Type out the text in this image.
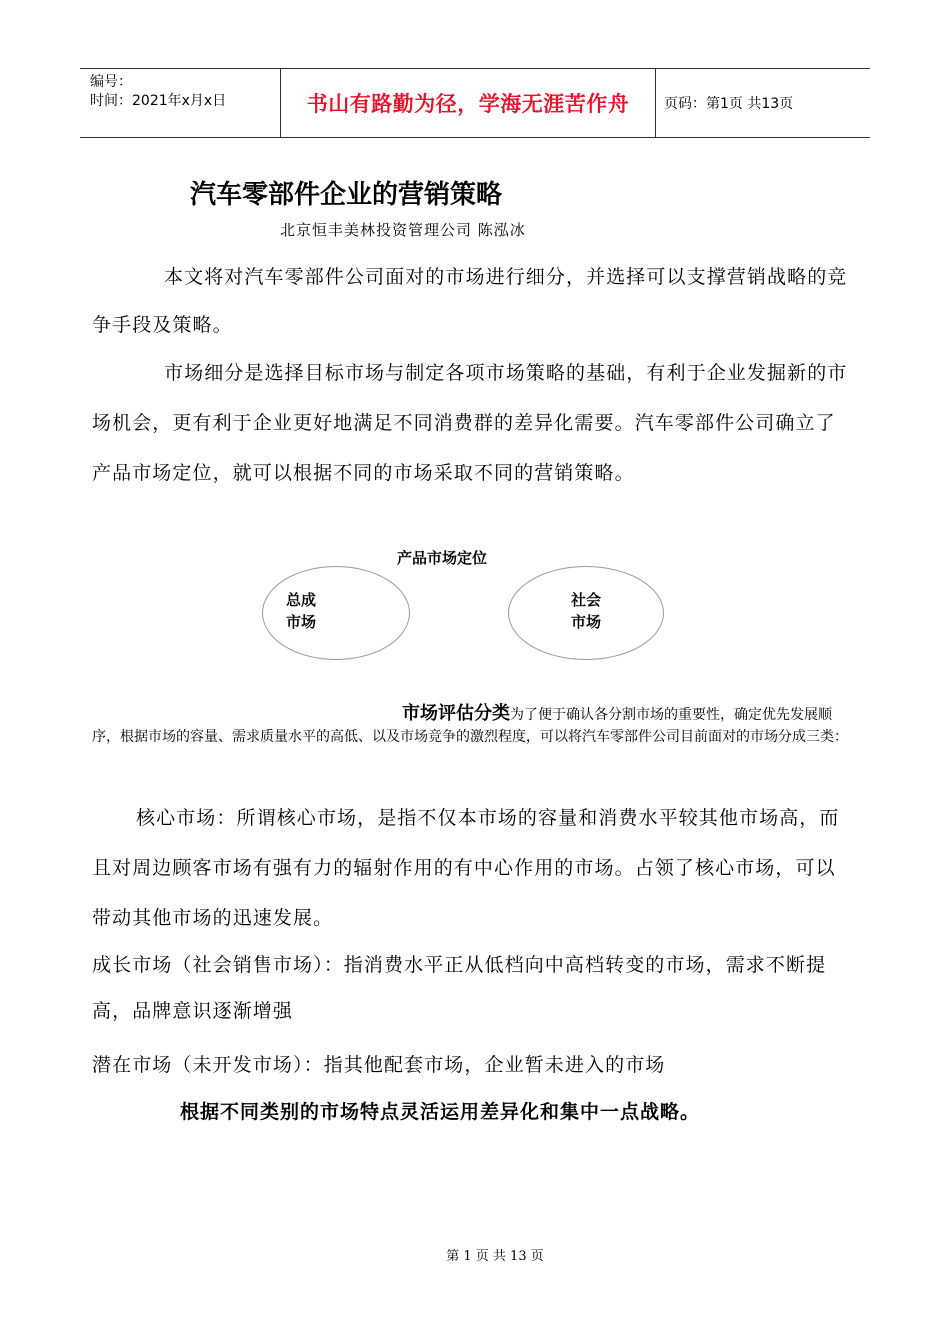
编号：
时间：2021年x月x日	书山有路勤为径，学海无涯苦作舟 页码：第1页 共13页
汽车零部件企业的营销策略
北京恒丰美林投资管理公司 陈泓冰
本文将对汽车零部件公司面对的市场进行细分，并选择可以支撑营销战略的竞争手段及策略。
市场细分是选择目标市场与制定各项市场策略的基础，有利于企业发掘新的市场机会，更有利于企业更好地满足不同消费群的差异化需要。汽车零部件公司确立了产品市场定位，就可以根据不同的市场采取不同的营销策略。
产品市场定位
总成市场
社会市场
市场评估分类为了便于确认各分割市场的重要性，确定优先发展顺序，根据市场的容量、需求质量水平的高低、以及市场竞争的激烈程度，可以将汽车零部件公司目前面对的市场分成三类：
核心市场：所谓核心市场，是指不仅本市场的容量和消费水平较其他市场高，而且对周边顾客市场有强有力的辐射作用的有中心作用的市场。占领了核心市场，可以带动其他市场的迅速发展。
成长市场（社会销售市场）：指消费水平正从低档向中高档转变的市场，需求不断提高，品牌意识逐渐增强
潜在市场（未开发市场）：指其他配套市场，企业暂未进入的市场
根据不同类别的市场特点灵活运用差异化和集中一点战略。
第 1 页 共 13 页
